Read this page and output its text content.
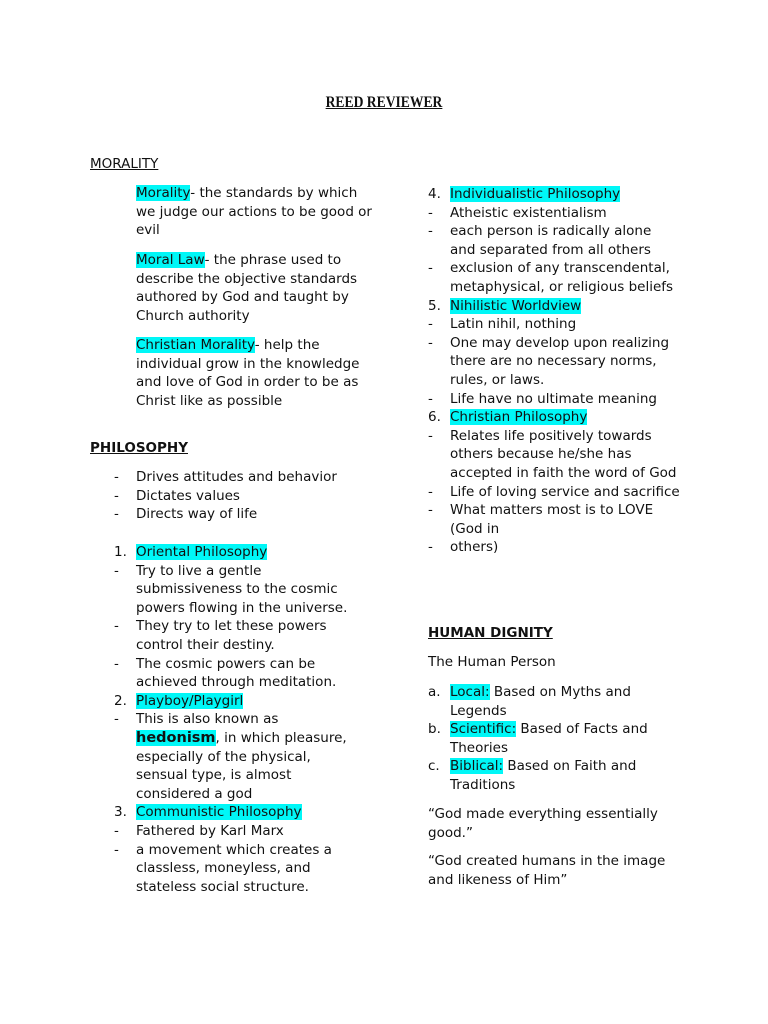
REED REVIEWER
MORALITY

Morality- the standards by which we judge our actions to be good or evil

Moral Law- the phrase used to describe the objective standards authored by God and taught by Church authority

Christian Morality- help the individual grow in the knowledge and love of God in order to be as Christ like as possible

PHILOSOPHY
- Drives attitudes and behavior
- Dictates values
- Directs way of life
1. Oriental Philosophy
- Try to live a gentle submissiveness to the cosmic powers flowing in the universe.
- They try to let these powers control their destiny.
- The cosmic powers can be achieved through meditation.
2. Playboy/Playgirl
- This is also known as hedonism, in which pleasure, especially of the physical, sensual type, is almost considered a god
3. Communistic Philosophy
- Fathered by Karl Marx
- a movement which creates a classless, moneyless, and stateless social structure.
4. Individualistic Philosophy
- Atheistic existentialism
- each person is radically alone and separated from all others
- exclusion of any transcendental, metaphysical, or religious beliefs
5. Nihilistic Worldview
- Latin nihil, nothing
- One may develop upon realizing there are no necessary norms, rules, or laws.
- Life have no ultimate meaning
6. Christian Philosophy
- Relates life positively towards others because he/she has accepted in faith the word of God
- Life of loving service and sacrifice
- What matters most is to LOVE (God in
- others)
HUMAN DIGNITY
The Human Person
a. Local: Based on Myths and Legends
b. Scientific: Based of Facts and Theories
c. Biblical: Based on Faith and Traditions

“God made everything essentially good.”

“God created humans in the image and likeness of Him”
